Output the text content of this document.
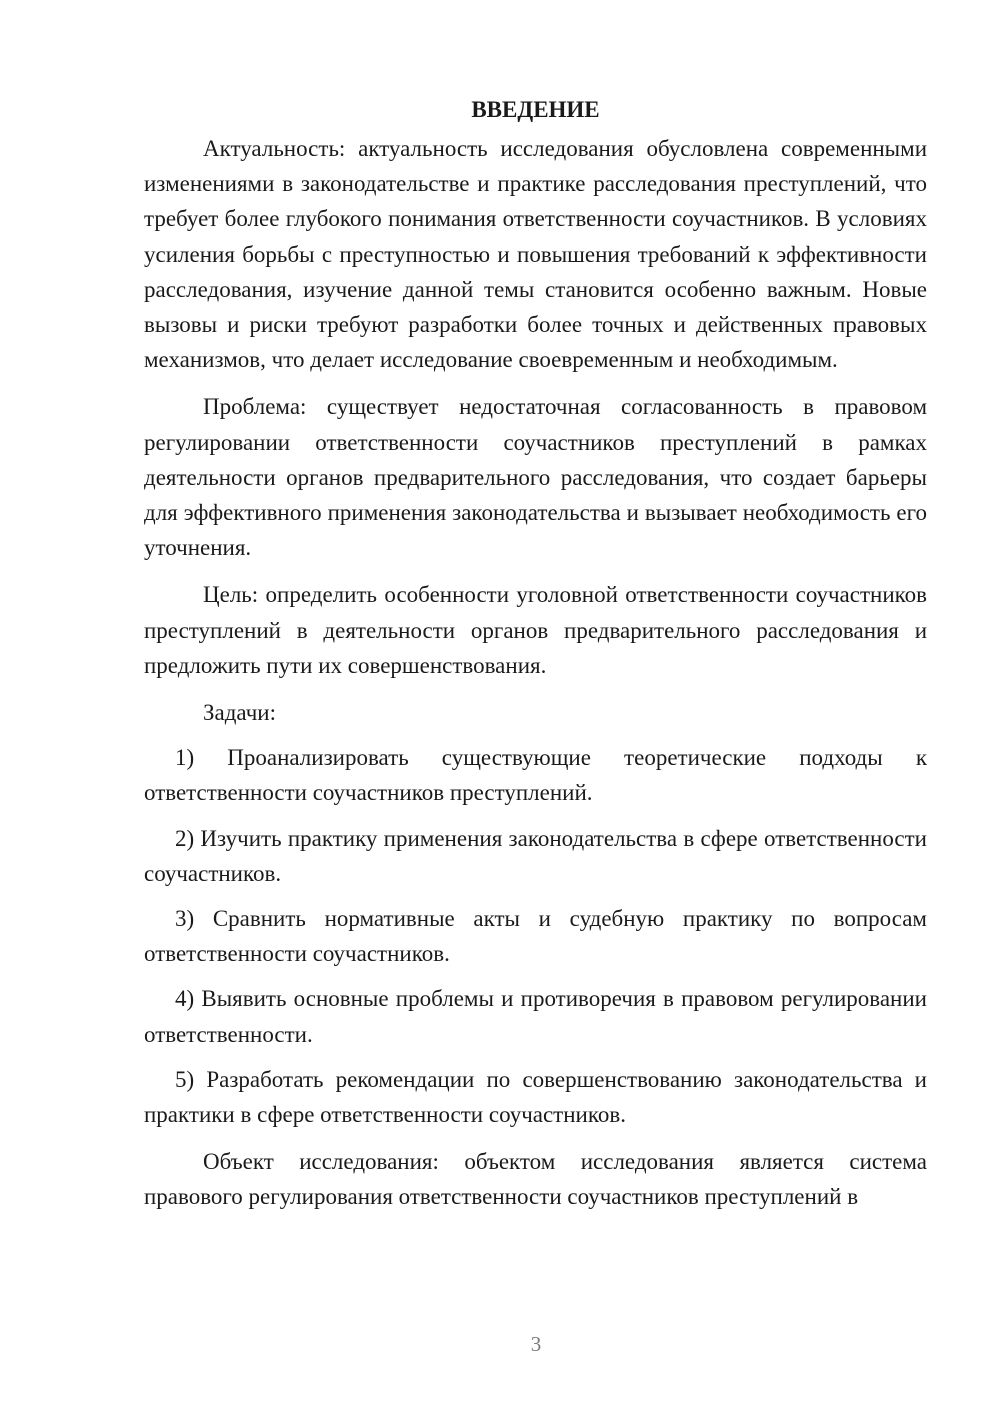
ВВЕДЕНИЕ

Актуальность: актуальность исследования обусловлена современными изменениями в законодательстве и практике расследования преступлений, что требует более глубокого понимания ответственности соучастников. В условиях усиления борьбы с преступностью и повышения требований к эффективности расследования, изучение данной темы становится особенно важным. Новые вызовы и риски требуют разработки более точных и действенных правовых механизмов, что делает исследование своевременным и необходимым.

Проблема: существует недостаточная согласованность в правовом регулировании ответственности соучастников преступлений в рамках деятельности органов предварительного расследования, что создает барьеры для эффективного применения законодательства и вызывает необходимость его уточнения.

Цель: определить особенности уголовной ответственности соучастников преступлений в деятельности органов предварительного расследования и предложить пути их совершенствования.

Задачи:

1) Проанализировать существующие теоретические подходы к ответственности соучастников преступлений.

2) Изучить практику применения законодательства в сфере ответственности соучастников.

3) Сравнить нормативные акты и судебную практику по вопросам ответственности соучастников.

4) Выявить основные проблемы и противоречия в правовом регулировании ответственности.

5) Разработать рекомендации по совершенствованию законодательства и практики в сфере ответственности соучастников.

Объект исследования: объектом исследования является система правового регулирования ответственности соучастников преступлений в

3
